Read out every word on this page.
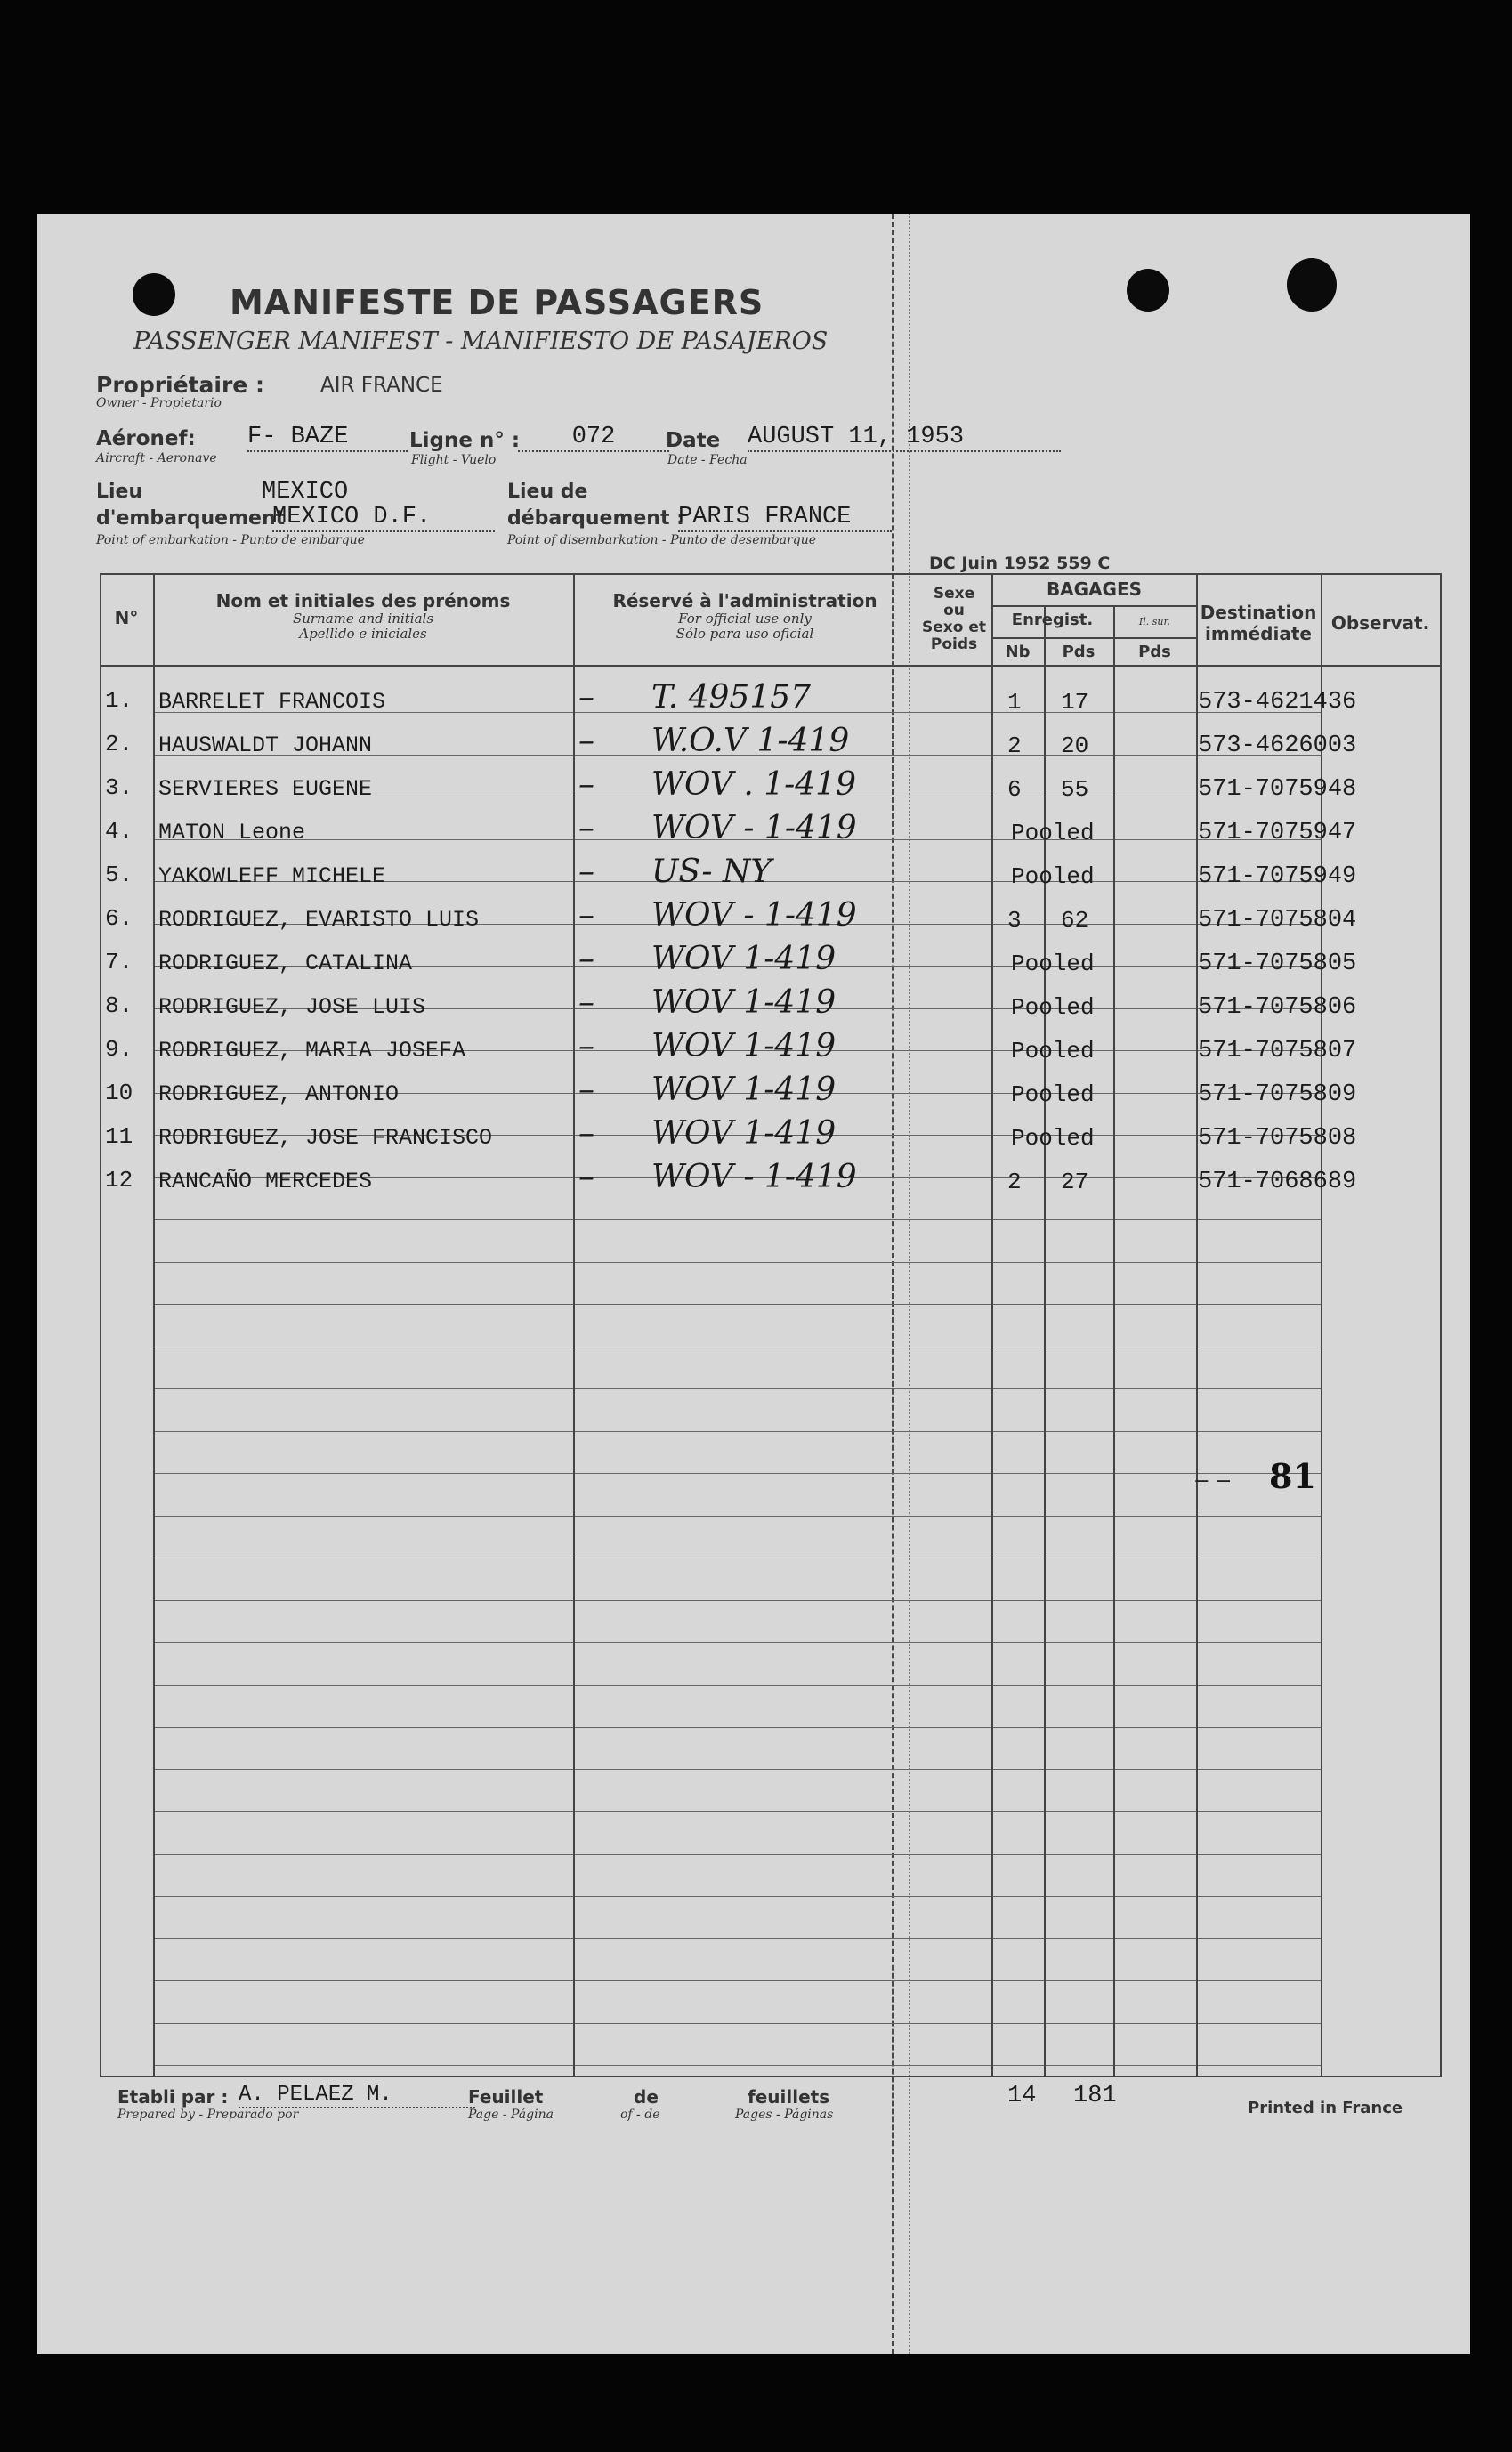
MANIFESTE DE PASSAGERS
PASSENGER MANIFEST - MANIFIESTO DE PASAJEROS
Propriétaire :	AIR FRANCE
Owner - Propietario
Aéronef: F- BAZE
Aircraft - Aeronave
Ligne n° :	072
Flight - Vuelo
Date AUGUST 11, 1953
Date - Fecha
Lieu	MEXICO
d'embarquement
MEXICO D.F.
Point of embarkation - Punto de embarque
Lieu de
débarquement :
PARIS FRANCE
Point of disembarkation - Punto de desembarque
DC Juin 1952 559 C
N°
Nom et initiales des prénoms
Surname and initials
Apellido e iniciales
Réservé à l'administration
For official use only
Sólo para uso oficial
Sexe
ou
Sexo et
Poids
BAGAGES
Enregist.	Il. sur.
Nb	Pds	Pds
Destination
immédiate	Observat.
1. BARRELET FRANCOIS	– T. 495157	1 17	573-4621436
2. HAUSWALDT JOHANN	– W.O.V 1-419	2 20	573-4626003
3. SERVIERES EUGENE	– WOV . 1-419	6 55	571-7075948
4. MATON Leone	– WOV - 1-419	Pooled	571-7075947
5. YAKOWLEFF MICHELE	– US- NY	Pooled	571-7075949
6. RODRIGUEZ, EVARISTO LUIS	– WOV - 1-419	3 62	571-7075804
7. RODRIGUEZ, CATALINA	– WOV 1-419	Pooled	571-7075805
8. RODRIGUEZ, JOSE LUIS	– WOV 1-419	Pooled	571-7075806
9. RODRIGUEZ, MARIA JOSEFA	– WOV 1-419	Pooled	571-7075807
10 RODRIGUEZ, ANTONIO	– WOV 1-419	Pooled	571-7075809
11 RODRIGUEZ, JOSE FRANCISCO	– WOV 1-419	Pooled	571-7075808
12 RANCAÑO MERCEDES	– WOV - 1-419	2 27	571-7068689
‒ ‒ 81
Etabli par : A. PELAEZ M.
Prepared by - Preparado por
Feuillet
Page - Página
de
of - de
feuillets
Pages - Páginas
14 181	Printed in France
